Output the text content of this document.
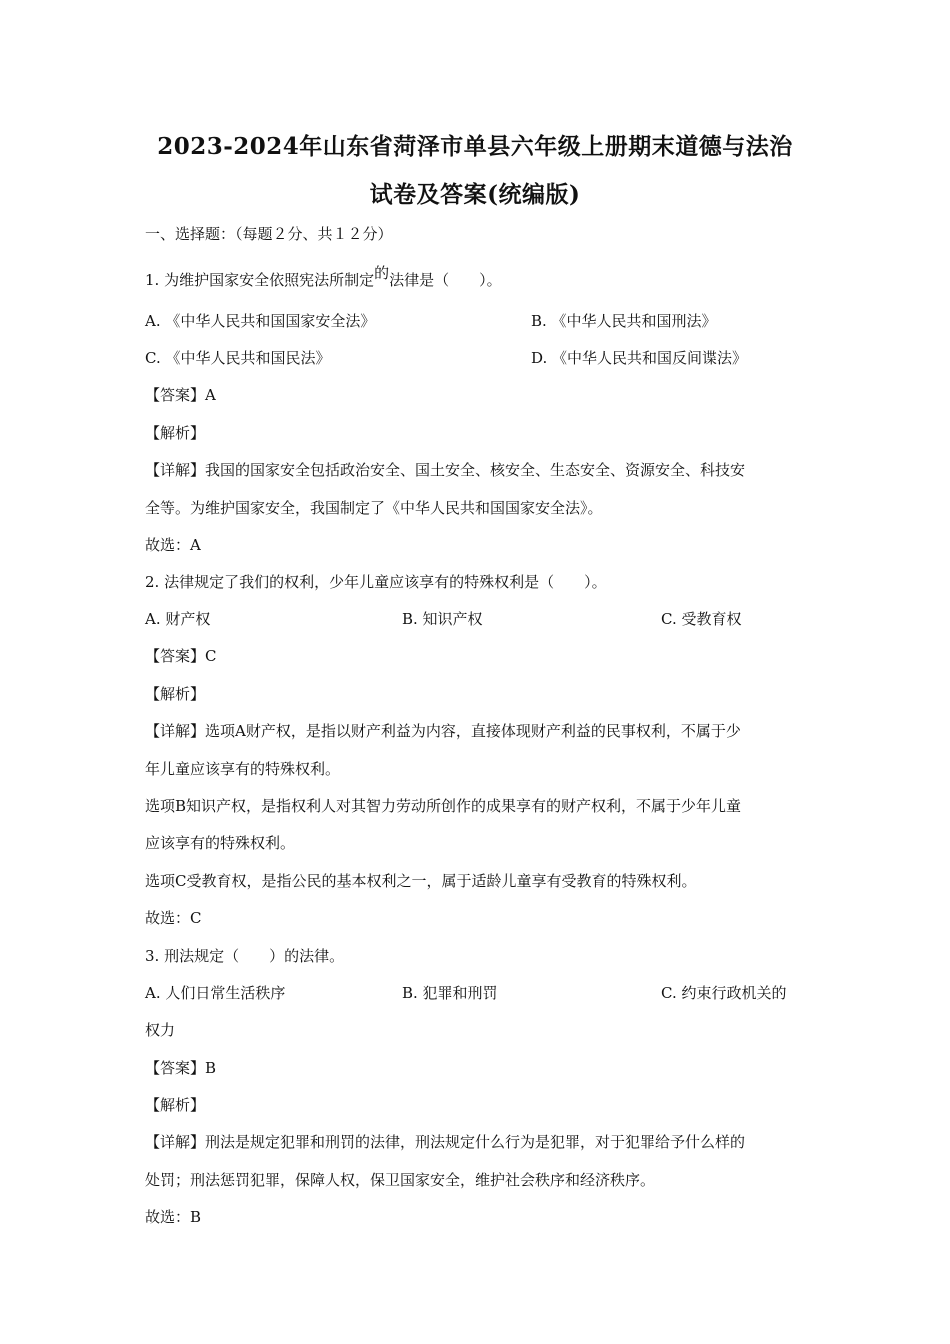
2023-2024年山东省菏泽市单县六年级上册期末道德与法治
试卷及答案(统编版)
一、选择题：（每题２分、共１２分）
1. 为维护国家安全依照宪法所制定的法律是（　　）。
A. 《中华人民共和国国家安全法》	B. 《中华人民共和国刑法》
C. 《中华人民共和国民法》	D. 《中华人民共和国反间谍法》
【答案】A
【解析】
【详解】我国的国家安全包括政治安全、国土安全、核安全、生态安全、资源安全、科技安
全等。为维护国家安全，我国制定了《中华人民共和国国家安全法》。
故选：A
2. 法律规定了我们的权利，少年儿童应该享有的特殊权利是（　　）。
A. 财产权	B. 知识产权	C. 受教育权
【答案】C
【解析】
【详解】选项A财产权，是指以财产利益为内容，直接体现财产利益的民事权利，不属于少
年儿童应该享有的特殊权利。
选项B知识产权，是指权利人对其智力劳动所创作的成果享有的财产权利，不属于少年儿童
应该享有的特殊权利。
选项C受教育权，是指公民的基本权利之一，属于适龄儿童享有受教育的特殊权利。
故选：C
3. 刑法规定（　　）的法律。
A. 人们日常生活秩序	B. 犯罪和刑罚	C. 约束行政机关的
权力
【答案】B
【解析】
【详解】刑法是规定犯罪和刑罚的法律，刑法规定什么行为是犯罪，对于犯罪给予什么样的
处罚；刑法惩罚犯罪，保障人权，保卫国家安全，维护社会秩序和经济秩序。
故选：B
